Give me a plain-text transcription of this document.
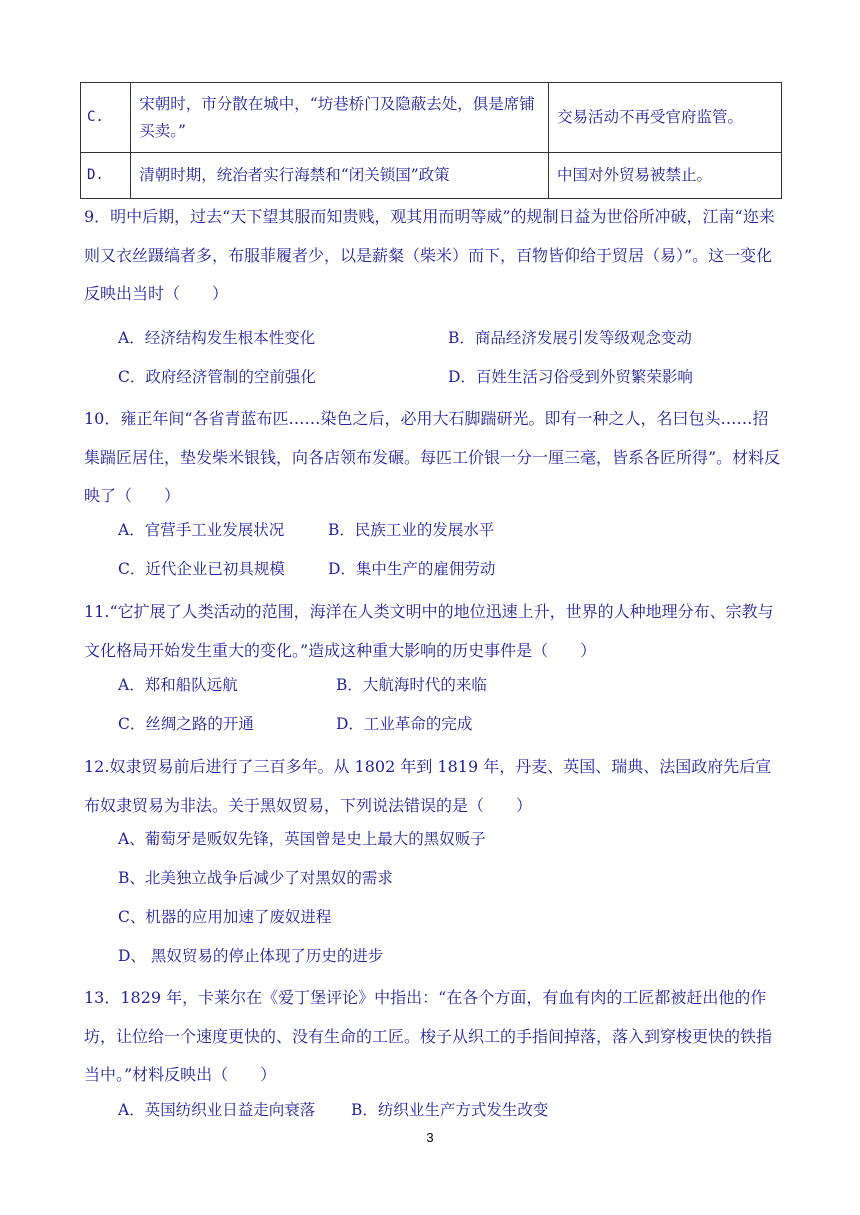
C.	宋朝时，市分散在城中，“坊巷桥门及隐蔽去处，俱是席铺买卖。”	交易活动不再受官府监管。
D.	清朝时期，统治者实行海禁和“闭关锁国”政策	中国对外贸易被禁止。
9．明中后期，过去“天下望其服而知贵贱，观其用而明等威”的规制日益为世俗所冲破，江南“迩来则又衣丝蹑缟者多，布服菲履者少，以是薪粲（柴米）而下，百物皆仰给于贸居（易）”。这一变化反映出当时（　　）
A．经济结构发生根本性变化	B．商品经济发展引发等级观念变动
C．政府经济管制的空前强化	D．百姓生活习俗受到外贸繁荣影响
10．雍正年间“各省青蓝布匹……染色之后，必用大石脚踹研光。即有一种之人，名曰包头……招集踹匠居住，垫发柴米银钱，向各店领布发碾。每匹工价银一分一厘三毫，皆系各匠所得”。材料反映了（　　）
A．官营手工业发展状况	B．民族工业的发展水平
C．近代企业已初具规模	D．集中生产的雇佣劳动
11.“它扩展了人类活动的范围，海洋在人类文明中的地位迅速上升，世界的人种地理分布、宗教与文化格局开始发生重大的变化。”造成这种重大影响的历史事件是（　　）
A．郑和船队远航	B．大航海时代的来临
C．丝绸之路的开通	D．工业革命的完成
12.奴隶贸易前后进行了三百多年。从 1802 年到 1819 年，丹麦、英国、瑞典、法国政府先后宣布奴隶贸易为非法。关于黑奴贸易，下列说法错误的是（　　）
A、葡萄牙是贩奴先锋，英国曾是史上最大的黑奴贩子
B、北美独立战争后减少了对黑奴的需求
C、机器的应用加速了废奴进程
D、 黑奴贸易的停止体现了历史的进步
13．1829 年，卡莱尔在《爱丁堡评论》中指出：“在各个方面，有血有肉的工匠都被赶出他的作坊，让位给一个速度更快的、没有生命的工匠。梭子从织工的手指间掉落，落入到穿梭更快的铁指当中。”材料反映出（　　）
A．英国纺织业日益走向衰落 B．纺织业生产方式发生改变
3
